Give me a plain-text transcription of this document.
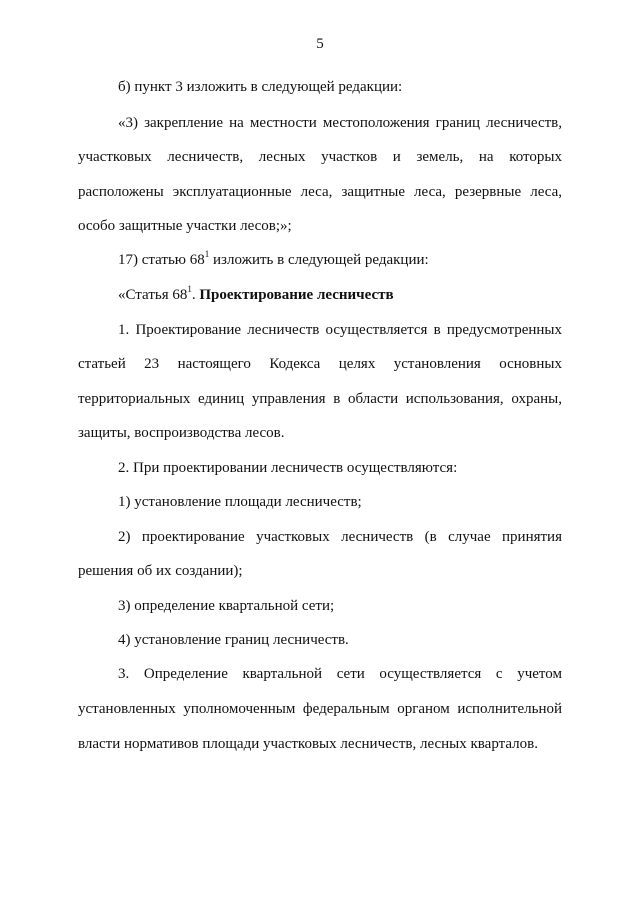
5
б) пункт 3 изложить в следующей редакции:
«3) закрепление на местности местоположения границ лесничеств,
участковых лесничеств, лесных участков и земель, на которых
расположены эксплуатационные леса, защитные леса, резервные леса,
особо защитные участки лесов;»;
17) статью $68^1$ изложить в следующей редакции:
«Статья $68^1$. Проектирование лесничеств
1. Проектирование лесничеств осуществляется в предусмотренных
статьей 23 настоящего Кодекса целях установления основных
территориальных единиц управления в области использования, охраны,
защиты, воспроизводства лесов.
2. При проектировании лесничеств осуществляются:
1) установление площади лесничеств;
2) проектирование участковых лесничеств (в случае принятия
решения об их создании);
3) определение квартальной сети;
4) установление границ лесничеств.
3. Определение квартальной сети осуществляется с учетом
установленных уполномоченным федеральным органом исполнительной
власти нормативов площади участковых лесничеств, лесных кварталов.
